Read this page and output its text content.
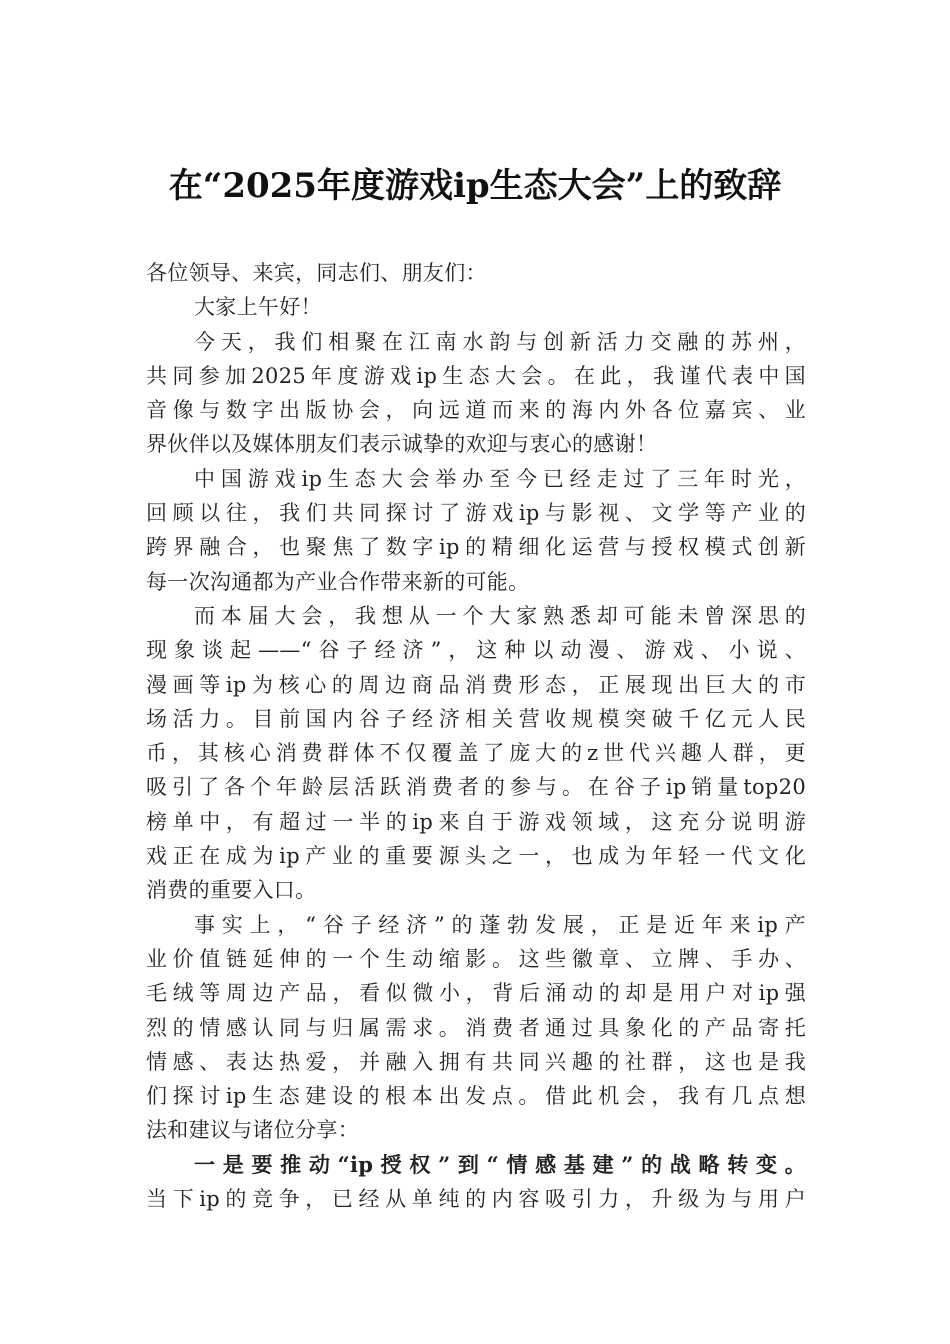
在“2025年度游戏ip生态大会”上的致辞
各位领导、来宾，同志们、朋友们：
大家上午好！
今天，我们相聚在江南水韵与创新活力交融的苏州，
共同参加2025年度游戏ip生态大会。在此，我谨代表中国
音像与数字出版协会，向远道而来的海内外各位嘉宾、业
界伙伴以及媒体朋友们表示诚挚的欢迎与衷心的感谢！
中国游戏ip生态大会举办至今已经走过了三年时光，
回顾以往，我们共同探讨了游戏ip与影视、文学等产业的
跨界融合，也聚焦了数字ip的精细化运营与授权模式创新
每一次沟通都为产业合作带来新的可能。
而本届大会，我想从一个大家熟悉却可能未曾深思的
现象谈起——“谷子经济”，这种以动漫、游戏、小说、
漫画等ip为核心的周边商品消费形态，正展现出巨大的市
场活力。目前国内谷子经济相关营收规模突破千亿元人民
币，其核心消费群体不仅覆盖了庞大的z世代兴趣人群，更
吸引了各个年龄层活跃消费者的参与。在谷子ip销量top20
榜单中，有超过一半的ip来自于游戏领域，这充分说明游
戏正在成为ip产业的重要源头之一，也成为年轻一代文化
消费的重要入口。
事实上，“谷子经济”的蓬勃发展，正是近年来ip产
业价值链延伸的一个生动缩影。这些徽章、立牌、手办、
毛绒等周边产品，看似微小，背后涌动的却是用户对ip强
烈的情感认同与归属需求。消费者通过具象化的产品寄托
情感、表达热爱，并融入拥有共同兴趣的社群，这也是我
们探讨ip生态建设的根本出发点。借此机会，我有几点想
法和建议与诸位分享：
一是要推动“ip授权”到“情感基建”的战略转变。
当下ip的竞争，已经从单纯的内容吸引力，升级为与用户
